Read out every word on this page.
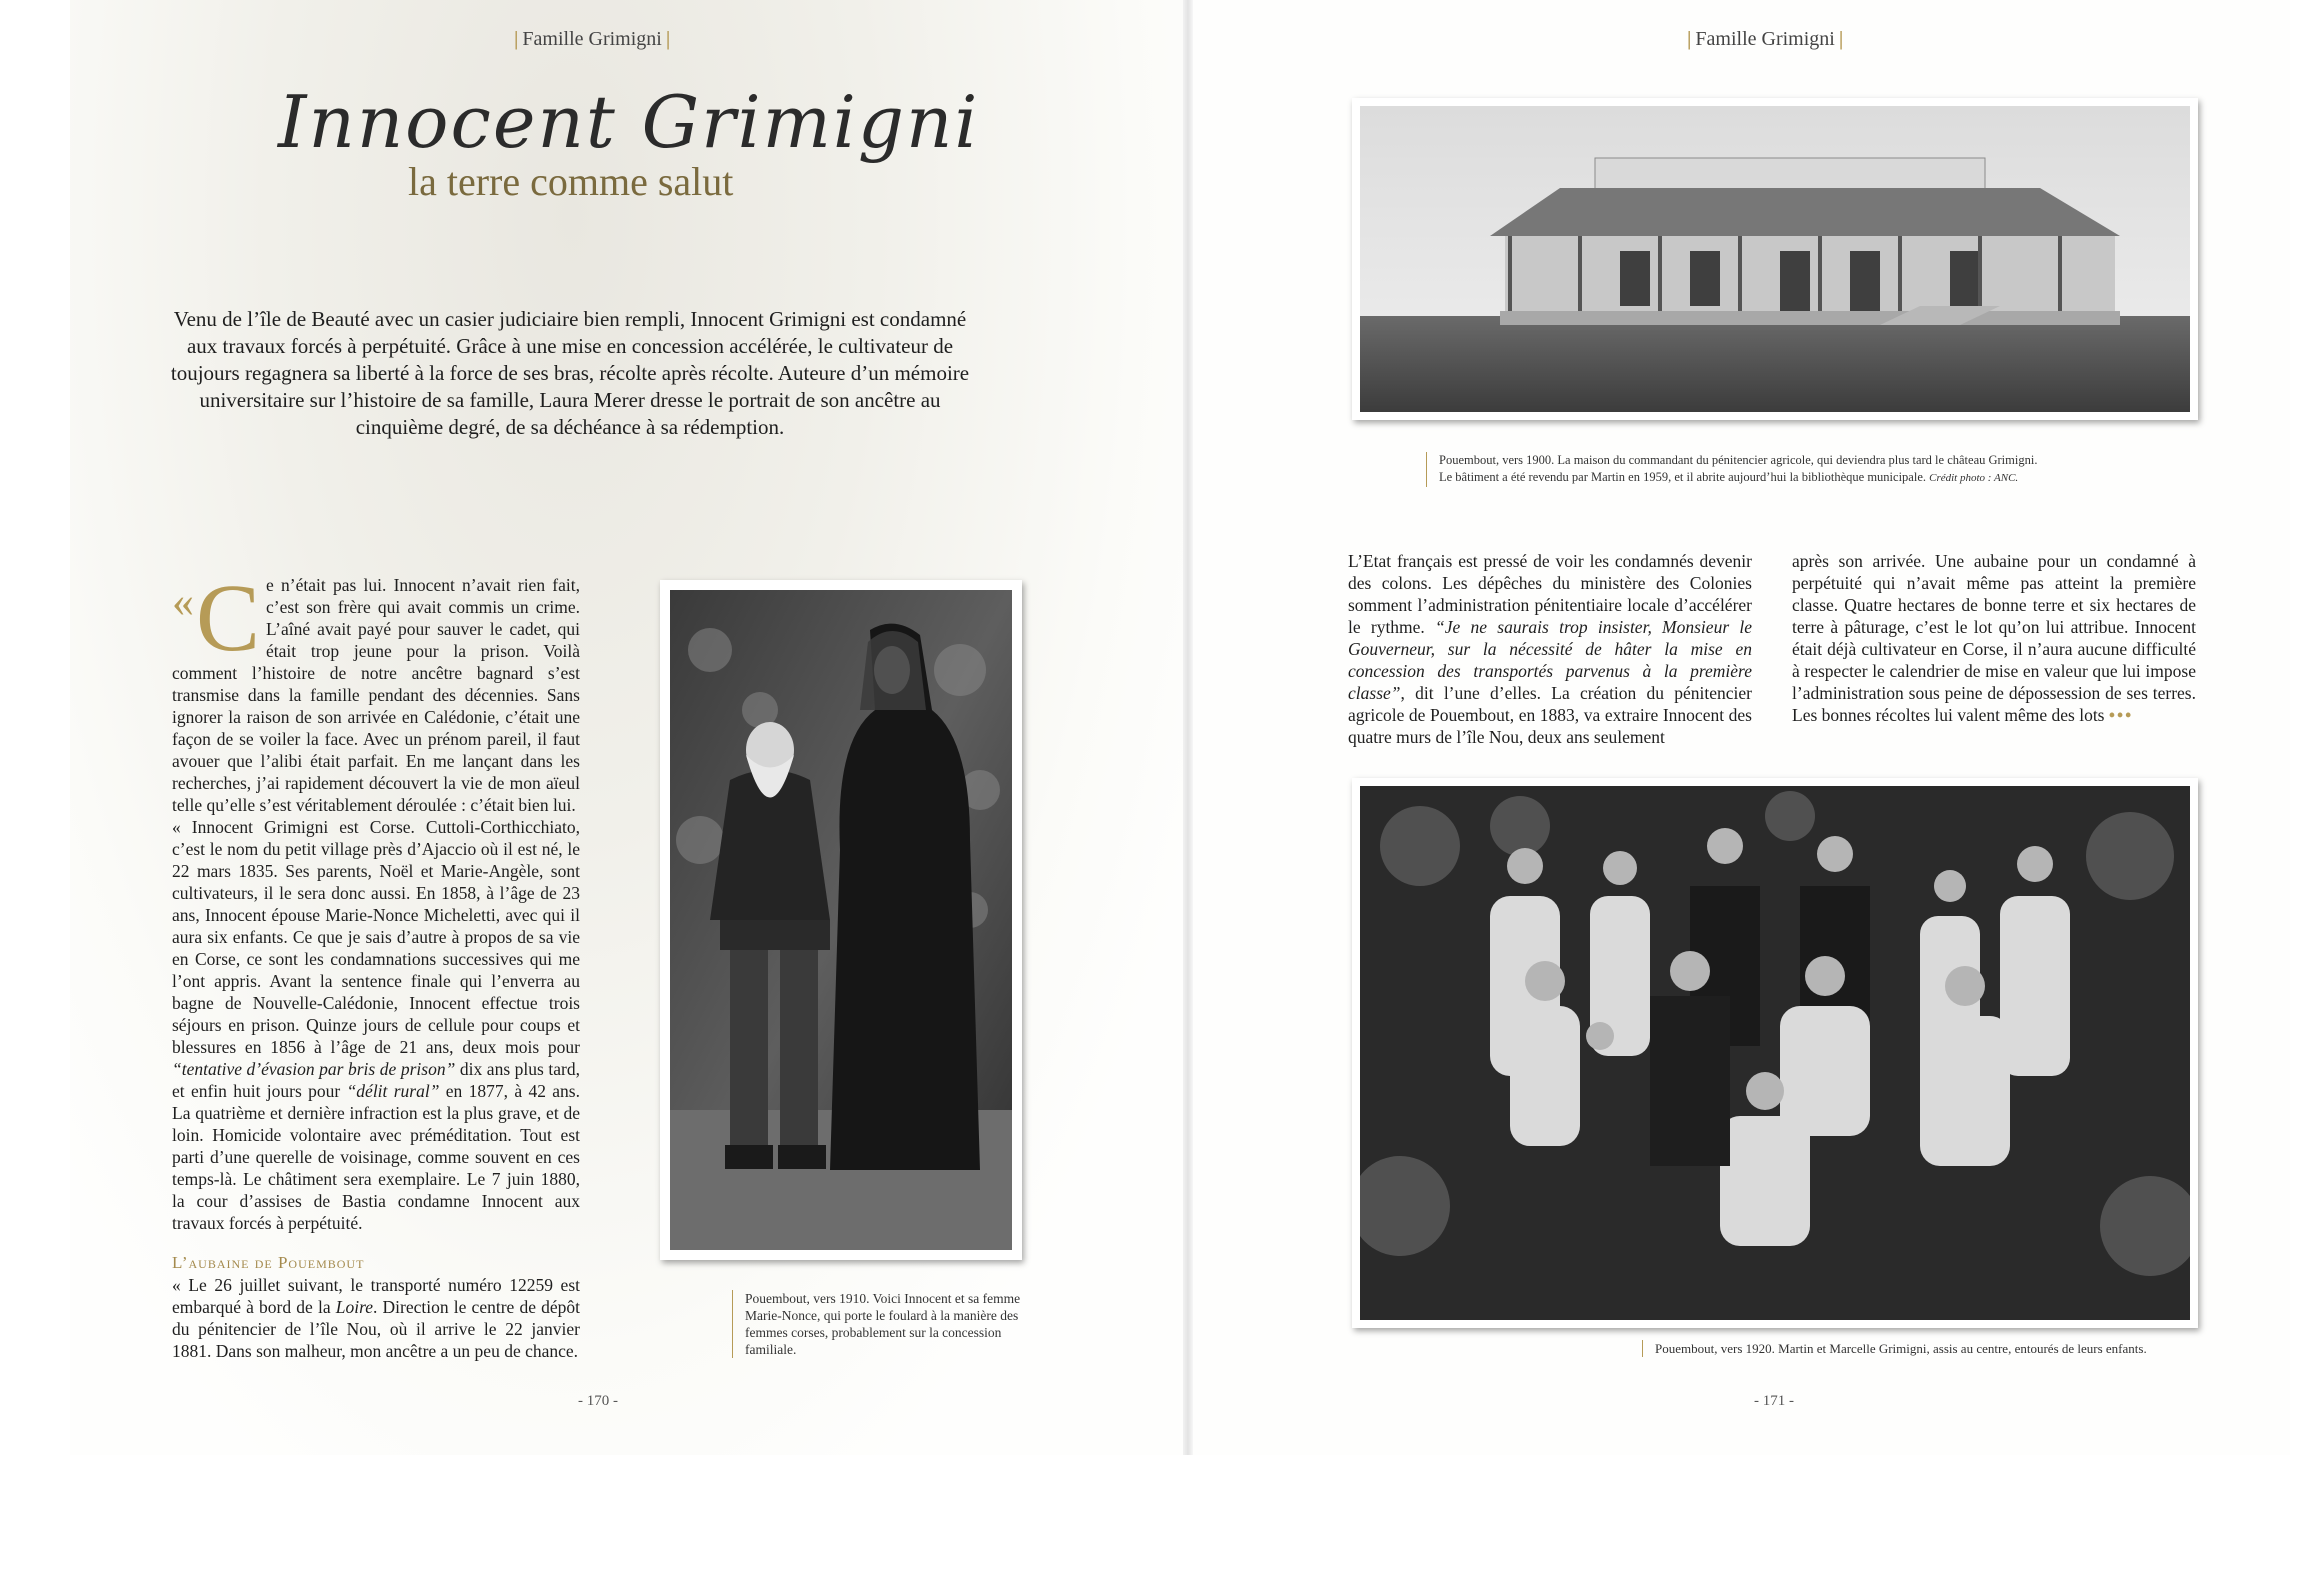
| Famille Grimigni |
Innocent Grimigni
la terre comme salut
Venu de l’île de Beauté avec un casier judiciaire bien rempli, Innocent Grimigni est condamné aux travaux forcés à perpétuité. Grâce à une mise en concession accélérée, le cultivateur de toujours regagnera sa liberté à la force de ses bras, récolte après récolte. Auteure d’un mémoire universitaire sur l’histoire de sa famille, Laura Merer dresse le portrait de son ancêtre au cinquième degré, de sa déchéance à sa rédemption.

« C e n’était pas lui. Innocent n’avait rien fait, c’est son frère qui avait commis un crime. L’aîné avait payé pour sauver le cadet, qui était trop jeune pour la prison. Voilà comment l’histoire de notre ancêtre bagnard s’est transmise dans la famille pendant des décennies. Sans ignorer la raison de son arrivée en Calédonie, c’était une façon de se voiler la face. Avec un prénom pareil, il faut avouer que l’alibi était parfait. En me lançant dans les recherches, j’ai rapidement découvert la vie de mon aïeul telle qu’elle s’est véritablement déroulée : c’était bien lui.

« Innocent Grimigni est Corse. Cuttoli-Corthicchiato, c’est le nom du petit village près d’Ajaccio où il est né, le 22 mars 1835. Ses parents, Noël et Marie-Angèle, sont cultivateurs, il le sera donc aussi. En 1858, à l’âge de 23 ans, Innocent épouse Marie-Nonce Micheletti, avec qui il aura six enfants. Ce que je sais d’autre à propos de sa vie en Corse, ce sont les condamnations successives qui me l’ont appris. Avant la sentence finale qui l’enverra au bagne de Nouvelle-Calédonie, Innocent effectue trois séjours en prison. Quinze jours de cellule pour coups et blessures en 1856 à l’âge de 21 ans, deux mois pour “tentative d’évasion par bris de prison” dix ans plus tard, et enfin huit jours pour “délit rural” en 1877, à 42 ans. La quatrième et dernière infraction est la plus grave, et de loin. Homicide volontaire avec préméditation. Tout est parti d’une querelle de voisinage, comme souvent en ces temps-là. Le châtiment sera exemplaire. Le 7 juin 1880, la cour d’assises de Bastia condamne Innocent aux travaux forcés à perpétuité.

L’aubaine de Pouembout

« Le 26 juillet suivant, le transporté numéro 12259 est embarqué à bord de la Loire. Direction le centre de dépôt du pénitencier de l’île Nou, où il arrive le 22 janvier 1881. Dans son malheur, mon ancêtre a un peu de chance.

Pouembout, vers 1910. Voici Innocent et sa femme Marie-Nonce, qui porte le foulard à la manière des femmes corses, probablement sur la concession familiale.
- 170 -
| Famille Grimigni |
Pouembout, vers 1900. La maison du commandant du pénitencier agricole, qui deviendra plus tard le château Grimigni.
Le bâtiment a été revendu par Martin en 1959, et il abrite aujourd’hui la bibliothèque municipale. Crédit photo : ANC.

L’Etat français est pressé de voir les condamnés devenir des colons. Les dépêches du ministère des Colonies somment l’administration pénitentiaire locale d’accélérer le rythme. “Je ne saurais trop insister, Monsieur le Gouverneur, sur la nécessité de hâter la mise en concession des transportés parvenus à la première classe”, dit l’une d’elles. La création du pénitencier agricole de Pouembout, en 1883, va extraire Innocent des quatre murs de l’île Nou, deux ans seulement

après son arrivée. Une aubaine pour un condamné à perpétuité qui n’avait même pas atteint la première classe. Quatre hectares de bonne terre et six hectares de terre à pâturage, c’est le lot qu’on lui attribue. Innocent était déjà cultivateur en Corse, il n’aura aucune difficulté à respecter le calendrier de mise en valeur que lui impose l’administration sous peine de dépossession de ses terres. Les bonnes récoltes lui valent même des lots •••

Pouembout, vers 1920. Martin et Marcelle Grimigni, assis au centre, entourés de leurs enfants.
- 171 -
